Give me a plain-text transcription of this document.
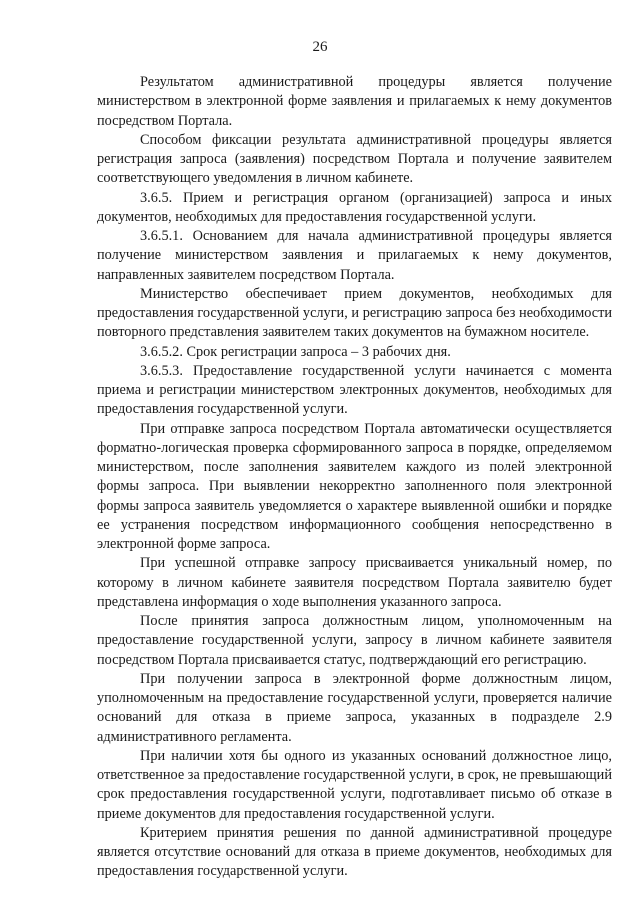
26

Результатом административной процедуры является получение министерством в электронной форме заявления и прилагаемых к нему документов посредством Портала.

Способом фиксации результата административной процедуры является регистрация запроса (заявления) посредством Портала и получение заявителем соответствующего уведомления в личном кабинете.

3.6.5. Прием и регистрация органом (организацией) запроса и иных документов, необходимых для предоставления государственной услуги.

3.6.5.1. Основанием для начала административной процедуры является получение министерством заявления и прилагаемых к нему документов, направленных заявителем посредством Портала.

Министерство обеспечивает прием документов, необходимых для предоставления государственной услуги, и регистрацию запроса без необходимости повторного представления заявителем таких документов на бумажном носителе.

3.6.5.2. Срок регистрации запроса – 3 рабочих дня.

3.6.5.3. Предоставление государственной услуги начинается с момента приема и регистрации министерством электронных документов, необходимых для предоставления государственной услуги.

При отправке запроса посредством Портала автоматически осуществляется форматно-логическая проверка сформированного запроса в порядке, определяемом министерством, после заполнения заявителем каждого из полей электронной формы запроса. При выявлении некорректно заполненного поля электронной формы запроса заявитель уведомляется о характере выявленной ошибки и порядке ее устранения посредством информационного сообщения непосредственно в электронной форме запроса.

При успешной отправке запросу присваивается уникальный номер, по которому в личном кабинете заявителя посредством Портала заявителю будет представлена информация о ходе выполнения указанного запроса.

После принятия запроса должностным лицом, уполномоченным на предоставление государственной услуги, запросу в личном кабинете заявителя посредством Портала присваивается статус, подтверждающий его регистрацию.

При получении запроса в электронной форме должностным лицом, уполномоченным на предоставление государственной услуги, проверяется наличие оснований для отказа в приеме запроса, указанных в подразделе 2.9 административного регламента.

При наличии хотя бы одного из указанных оснований должностное лицо, ответственное за предоставление государственной услуги, в срок, не превышающий срок предоставления государственной услуги, подготавливает письмо об отказе в приеме документов для предоставления государственной услуги.

Критерием принятия решения по данной административной процедуре является отсутствие оснований для отказа в приеме документов, необходимых для предоставления государственной услуги.
